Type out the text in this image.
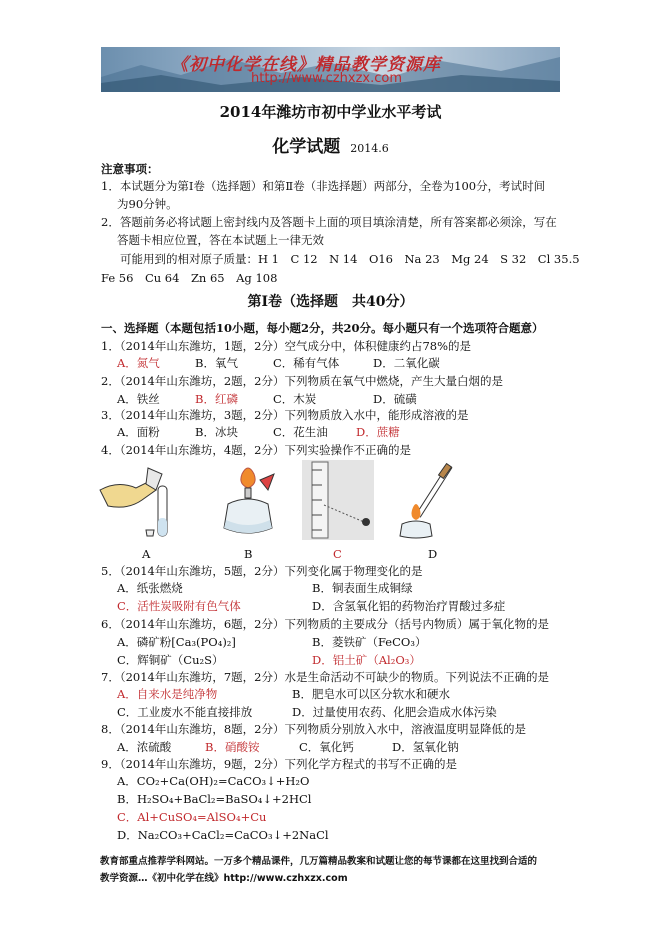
《初中化学在线》精品教学资源库
http://www.czhxzx.com
2014年潍坊市初中学业水平考试
化学试题 2014.6
注意事项：
1．本试题分为第Ⅰ卷（选择题）和第Ⅱ卷（非选择题）两部分，全卷为100分，考试时间
为90分钟。
2．答题前务必将试题上密封线内及答题卡上面的项目填涂清楚，所有答案都必须涂，写在
答题卡相应位置，答在本试题上一律无效
可能用到的相对原子质量：H 1　C 12　N 14　O16　Na 23　Mg 24　S 32　Cl 35.5
Fe 56　Cu 64　Zn 65　Ag 108
第Ⅰ卷（选择题　共40分）
一、选择题（本题包括10小题，每小题2分，共20分。每小题只有一个选项符合题意）
1．（2014年山东潍坊，1题，2分）空气成分中，体积健康约占78%的是
A．氮气	B．氧气	C．稀有气体	D．二氧化碳
2．（2014年山东潍坊，2题，2分）下列物质在氧气中燃烧，产生大量白烟的是
A．铁丝	B．红磷	C．木炭	D．硫磺
3．（2014年山东潍坊，3题，2分）下列物质放入水中，能形成溶液的是
A．面粉	B．冰块	C．花生油 D．蔗糖
4．（2014年山东潍坊，4题，2分）下列实验操作不正确的是
A	B	C	D
5．（2014年山东潍坊，5题，2分）下列变化属于物理变化的是
A．纸张燃烧	B．铜表面生成铜绿
C．活性炭吸附有色气体	D．含氢氧化铝的药物治疗胃酸过多症
6．（2014年山东潍坊，6题，2分）下列物质的主要成分（括号内物质）属于氧化物的是
A．磷矿粉[Ca₃(PO₄)₂]	B．菱铁矿（FeCO₃）
C．辉铜矿（Cu₂S）	D．铝土矿（Al₂O₃）
7．（2014年山东潍坊，7题，2分）水是生命活动不可缺少的物质。下列说法不正确的是
A．自来水是纯净物	B．肥皂水可以区分软水和硬水
C．工业废水不能直接排放	D．过量使用农药、化肥会造成水体污染
8．（2014年山东潍坊，8题，2分）下列物质分别放入水中，溶液温度明显降低的是
A．浓硫酸	B．硝酸铵	C．氧化钙	D．氢氧化钠
9．（2014年山东潍坊，9题，2分）下列化学方程式的书写不正确的是
A．CO₂+Ca(OH)₂=CaCO₃↓+H₂O
B．H₂SO₄+BaCl₂=BaSO₄↓+2HCl
C．Al+CuSO₄=AlSO₄+Cu
D．Na₂CO₃+CaCl₂=CaCO₃↓+2NaCl
教育部重点推荐学科网站。一万多个精品课件，几万篇精品教案和试题让您的每节课都在这里找到合适的
教学资源…《初中化学在线》http://www.czhxzx.com
